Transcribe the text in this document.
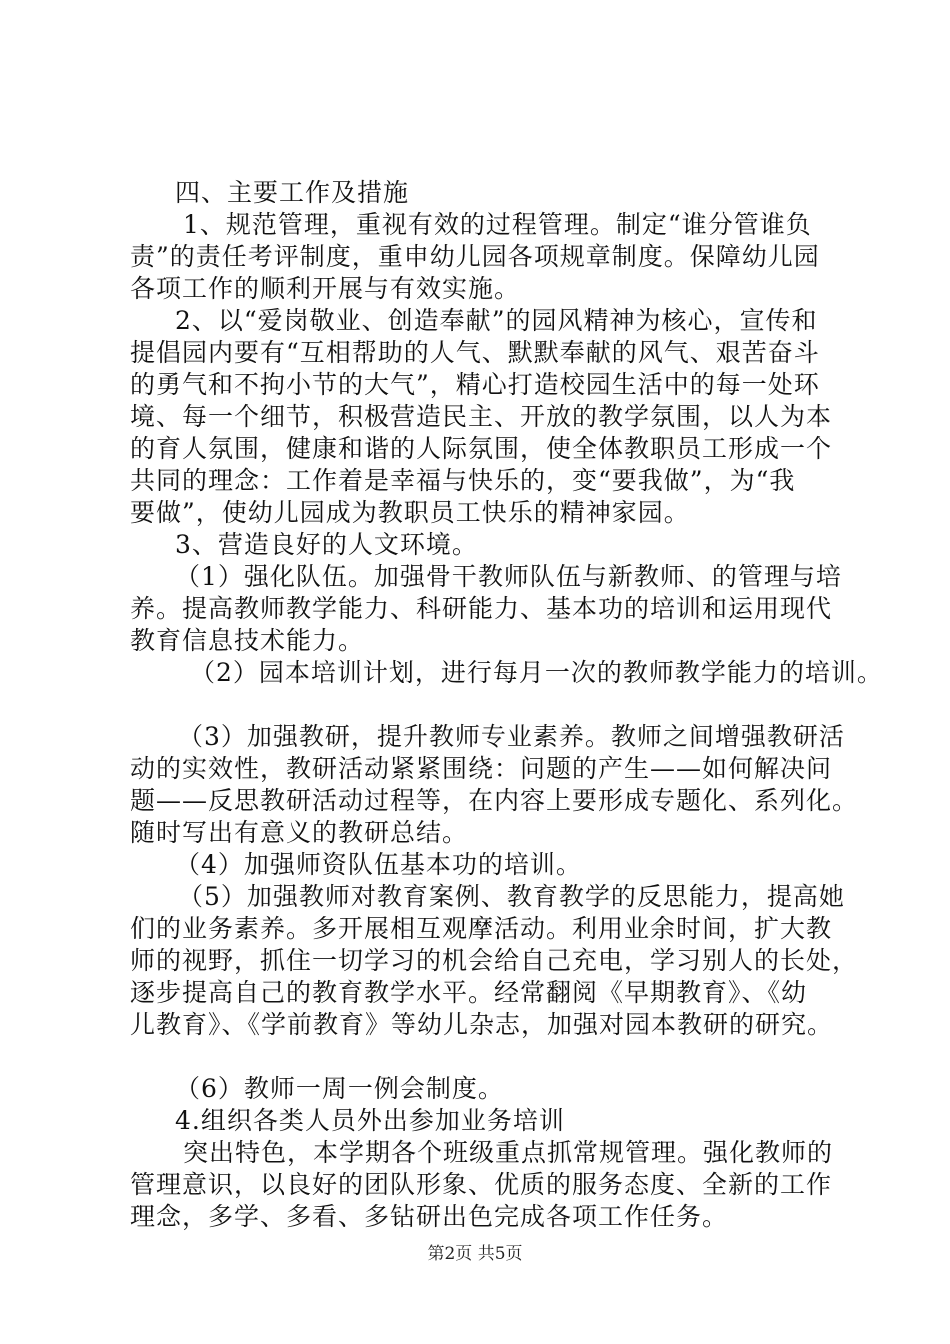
四、主要工作及措施
1、规范管理，重视有效的过程管理。制定“谁分管谁负
责”的责任考评制度，重申幼儿园各项规章制度。保障幼儿园
各项工作的顺利开展与有效实施。
2、以“爱岗敬业、创造奉献”的园风精神为核心，宣传和
提倡园内要有“互相帮助的人气、默默奉献的风气、艰苦奋斗
的勇气和不拘小节的大气”，精心打造校园生活中的每一处环
境、每一个细节，积极营造民主、开放的教学氛围，以人为本
的育人氛围，健康和谐的人际氛围，使全体教职员工形成一个
共同的理念：工作着是幸福与快乐的，变“要我做”，为“我
要做”，使幼儿园成为教职员工快乐的精神家园。
3、营造良好的人文环境。
（1）强化队伍。加强骨干教师队伍与新教师、的管理与培
养。提高教师教学能力、科研能力、基本功的培训和运用现代
教育信息技术能力。
（2）园本培训计划，进行每月一次的教师教学能力的培训。
（3）加强教研，提升教师专业素养。教师之间增强教研活
动的实效性，教研活动紧紧围绕：问题的产生——如何解决问
题——反思教研活动过程等，在内容上要形成专题化、系列化。
随时写出有意义的教研总结。
（4）加强师资队伍基本功的培训。
（5）加强教师对教育案例、教育教学的反思能力，提高她
们的业务素养。多开展相互观摩活动。利用业余时间，扩大教
师的视野，抓住一切学习的机会给自己充电，学习别人的长处，
逐步提高自己的教育教学水平。经常翻阅《早期教育》、《幼
儿教育》、《学前教育》等幼儿杂志，加强对园本教研的研究。
（6）教师一周一例会制度。
4.组织各类人员外出参加业务培训
突出特色，本学期各个班级重点抓常规管理。强化教师的
管理意识，以良好的团队形象、优质的服务态度、全新的工作
理念，多学、多看、多钻研出色完成各项工作任务。
第2页 共5页
